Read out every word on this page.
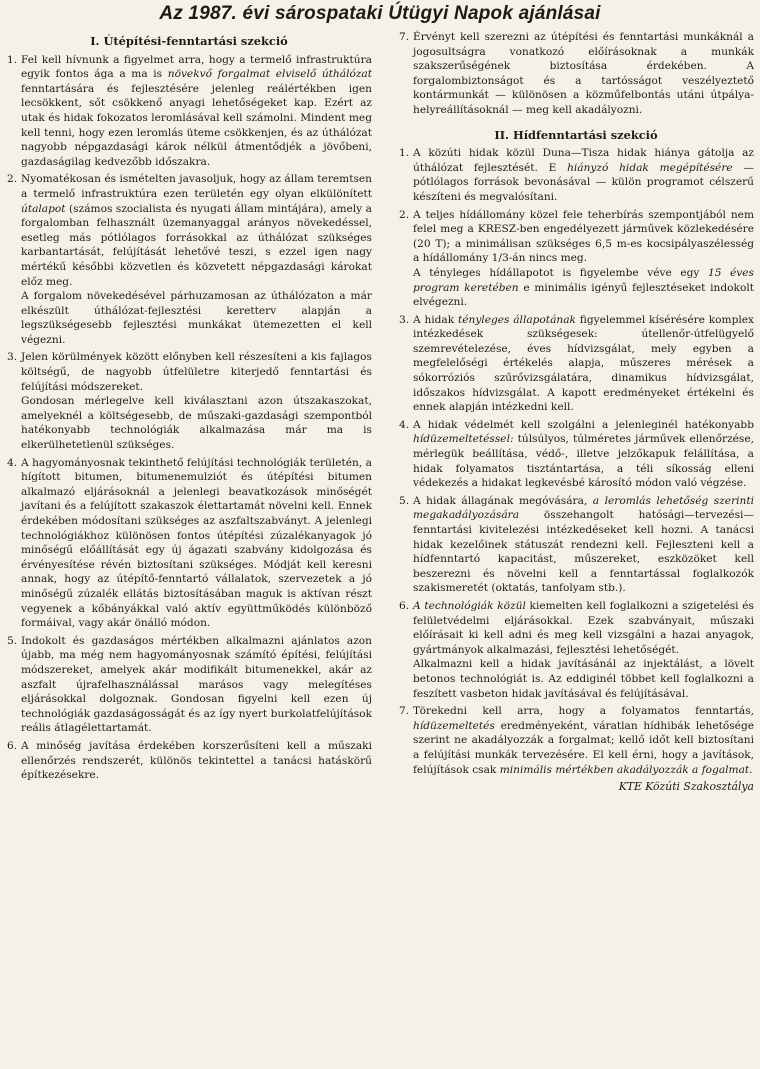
Az 1987. évi sárospataki Útügyi Napok ajánlásai
I. Útépítési-fenntartási szekció
1. Fel kell hívnunk a figyelmet arra, hogy a termelő infrastruktúra egyik fontos ága a ma is növekvő forgalmat elviselő úthálózat fenntartására és fejlesztésére jelenleg reálértékben igen lecsökkent, sőt csökkenő anyagi lehetőségeket kap. Ezért az utak és hidak fokozatos leromlásával kell számolni. Mindent meg kell tenni, hogy ezen leromlás üteme csökkenjen, és az úthálózat nagyobb népgazdasági károk nélkül átmentődjék a jövőbeni, gazdaságilag kedvezőbb időszakra.

2. Nyomatékosan és ismételten javasoljuk, hogy az állam teremtsen a termelő infrastruktúra ezen területén egy olyan elkülönített útalapot (számos szocialista és nyugati állam mintájára), amely a forgalomban felhasznált üzemanyaggal arányos növekedéssel, esetleg más pótlólagos forrásokkal az úthálózat szükséges karbantartását, felújítását lehetővé teszi, s ezzel igen nagy mértékű későbbi közvetlen és közvetett népgazdasági károkat előz meg.

A forgalom növekedésével párhuzamosan az úthálózaton a már elkészült úthálózat-fejlesztési keretterv alapján a legszükségesebb fejlesztési munkákat ütemezetten el kell végezni.

3. Jelen körülmények között előnyben kell részesíteni a kis fajlagos költségű, de nagyobb útfelületre kiterjedő fenntartási és felújítási módszereket.

Gondosan mérlegelve kell kiválasztani azon útszakaszokat, amelyeknél a költségesebb, de műszaki-gazdasági szempontból hatékonyabb technológiák alkalmazása már ma is elkerülhetetlenül szükséges.

4. A hagyományosnak tekinthető felújítási technológiák területén, a hígított bitumen, bitumenemulziót és útépítési bitumen alkalmazó eljárásoknál a jelenlegi beavatkozások minőségét javítani és a felújított szakaszok élettartamát növelni kell. Ennek érdekében módosítani szükséges az aszfaltszabványt. A jelenlegi technológiákhoz különösen fontos útépítési zúzalékanyagok jó minőségű előállítását egy új ágazati szabvány kidolgozása és érvényesítése révén biztosítani szükséges. Módját kell keresni annak, hogy az útépítő-fenntartó vállalatok, szervezetek a jó minőségű zúzalék ellátás biztosításában maguk is aktívan részt vegyenek a kőbányákkal való aktív együttműködés különböző formáival, vagy akár önálló módon.

5. Indokolt és gazdaságos mértékben alkalmazni ajánlatos azon újabb, ma még nem hagyományosnak számító építési, felújítási módszereket, amelyek akár modifikált bitumenekkel, akár az aszfalt újrafelhasználással marásos vagy melegítéses eljárásokkal dolgoznak. Gondosan figyelni kell ezen új technológiák gazdaságosságát és az így nyert burkolatfelújítások reális átlagélettartamát.

6. A minőség javítása érdekében korszerűsíteni kell a műszaki ellenőrzés rendszerét, különös tekintettel a tanácsi hatáskörű építkezésekre.

7. Érvényt kell szerezni az útépítési és fenntartási munkáknál a jogosultságra vonatkozó előírásoknak a munkák szakszerűségének biztosítása érdekében. A forgalombiztonságot és a tartósságot veszélyeztető kontármunkát — különösen a közműfelbontás utáni útpálya-helyreállításoknál — meg kell akadályozni.

II. Hídfenntartási szekció
1. A közúti hidak közül Duna—Tisza hidak hiánya gátolja az úthálózat fejlesztését. E hiányzó hidak megépítésére — pótlólagos források bevonásával — külön programot célszerű készíteni és megvalósítani.

2. A teljes hídállomány közel fele teherbírás szempontjából nem felel meg a KRESZ-ben engedélyezett járművek közlekedésére (20 T); a minimálisan szükséges 6,5 m-es kocsipályaszélesség a hídállomány 1/3-án nincs meg.

A tényleges hídállapotot is figyelembe véve egy 15 éves program keretében e minimális igényű fejlesztéseket indokolt elvégezni.

3. A hidak tényleges állapotának figyelemmel kísérésére komplex intézkedések szükségesek: útellenőr-útfelügyelő szemrevételezése, éves hídvizsgálat, mely egyben a megfelelőségi értékelés alapja, műszeres mérések a sókorróziós szűrővizsgálatára, dinamikus hídvizsgálat, időszakos hídvizsgálat. A kapott eredményeket értékelni és ennek alapján intézkedni kell.

4. A hidak védelmét kell szolgálni a jelenleginél hatékonyabb hídüzemeltetéssel: túlsúlyos, túlméretes járművek ellenőrzése, mérlegük beállítása, védő-, illetve jelzőkapuk felállítása, a hidak folyamatos tisztántartása, a téli síkosság elleni védekezés a hidakat legkevésbé károsító módon való végzése.

5. A hidak állagának megóvására, a leromlás lehetőség szerinti megakadályozására összehangolt hatósági—tervezési—fenntartási kivitelezési intézkedéseket kell hozni. A tanácsi hidak kezelőinek státuszát rendezni kell. Fejleszteni kell a hídfenntartó kapacitást, műszereket, eszközöket kell beszerezni és növelni kell a fenntartással foglalkozók szakismeretét (oktatás, tanfolyam stb.).

6. A technológiák közül kiemelten kell foglalkozni a szigetelési és felületvédelmi eljárásokkal. Ezek szabványait, műszaki előírásait ki kell adni és meg kell vizsgálni a hazai anyagok, gyártmányok alkalmazási, fejlesztési lehetőségét.

Alkalmazni kell a hidak javításánál az injektálást, a lövelt betonos technológiát is. Az eddiginél többet kell foglalkozni a feszített vasbeton hidak javításával és felújításával.

7. Törekedni kell arra, hogy a folyamatos fenntartás, hídüzemeltetés eredményeként, váratlan hídhibák lehetősége szerint ne akadályozzák a forgalmat; kellő időt kell biztosítani a felújítási munkák tervezésére. El kell érni, hogy a javítások, felújítások csak minimális mértékben akadályozzák a fogalmat.

KTE Közúti Szakosztálya
